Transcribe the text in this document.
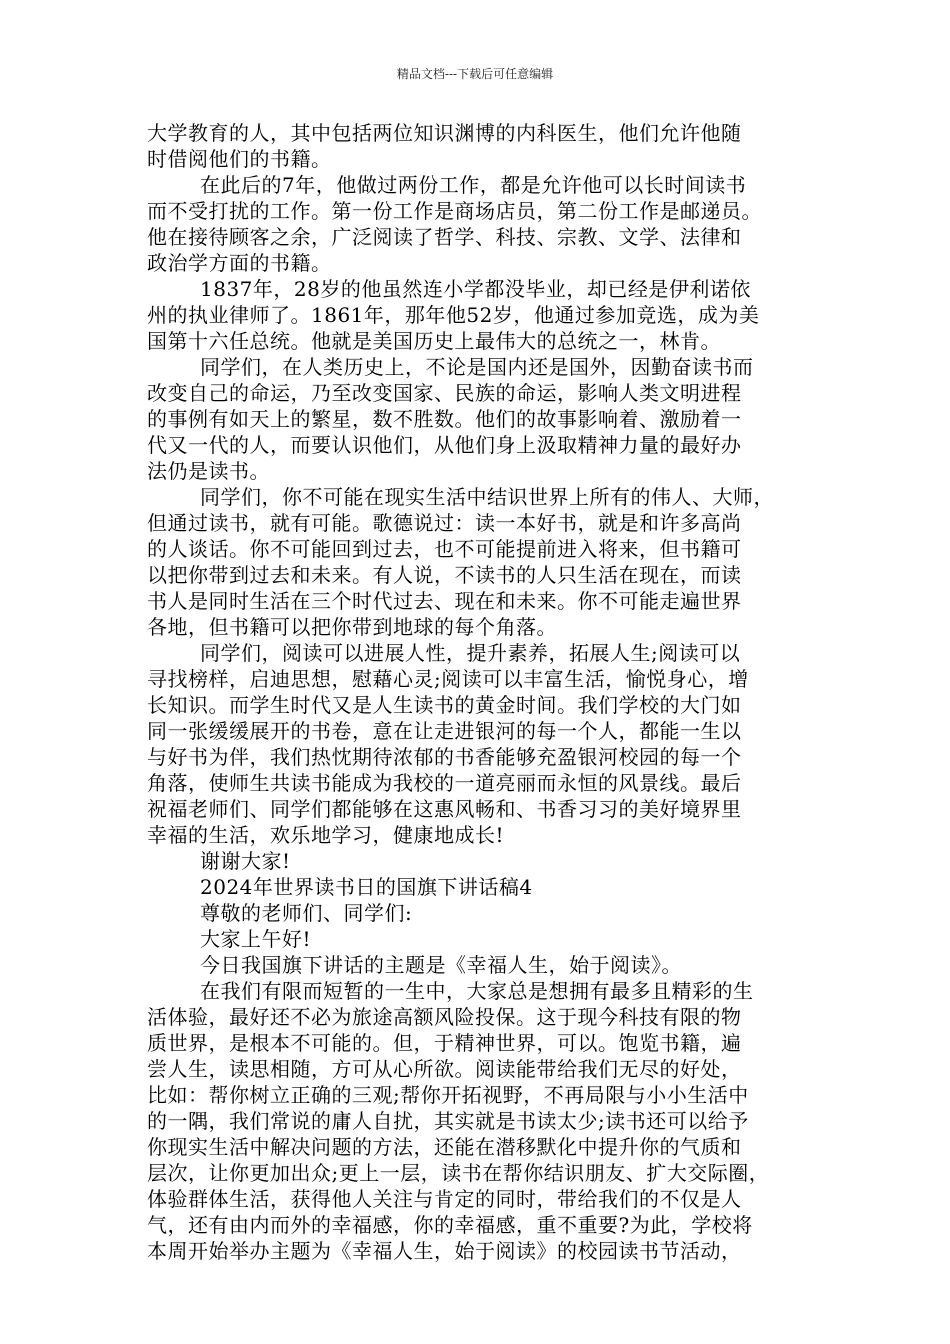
精品文档---下载后可任意编辑
大学教育的人，其中包括两位知识渊博的内科医生，他们允许他随
时借阅他们的书籍。
在此后的7年，他做过两份工作，都是允许他可以长时间读书
而不受打扰的工作。第一份工作是商场店员，第二份工作是邮递员。
他在接待顾客之余，广泛阅读了哲学、科技、宗教、文学、法律和
政治学方面的书籍。
1837年，28岁的他虽然连小学都没毕业，却已经是伊利诺依
州的执业律师了。1861年，那年他52岁，他通过参加竞选，成为美
国第十六任总统。他就是美国历史上最伟大的总统之一，林肯。
同学们，在人类历史上，不论是国内还是国外，因勤奋读书而
改变自己的命运，乃至改变国家、民族的命运，影响人类文明进程
的事例有如天上的繁星，数不胜数。他们的故事影响着、激励着一
代又一代的人，而要认识他们，从他们身上汲取精神力量的最好办
法仍是读书。
同学们，你不可能在现实生活中结识世界上所有的伟人、大师，
但通过读书，就有可能。歌德说过：读一本好书，就是和许多高尚
的人谈话。你不可能回到过去，也不可能提前进入将来，但书籍可
以把你带到过去和未来。有人说，不读书的人只生活在现在，而读
书人是同时生活在三个时代过去、现在和未来。你不可能走遍世界
各地，但书籍可以把你带到地球的每个角落。
同学们，阅读可以进展人性，提升素养，拓展人生;阅读可以
寻找榜样，启迪思想，慰藉心灵;阅读可以丰富生活，愉悦身心，增
长知识。而学生时代又是人生读书的黄金时间。我们学校的大门如
同一张缓缓展开的书卷，意在让走进银河的每一个人，都能一生以
与好书为伴，我们热忱期待浓郁的书香能够充盈银河校园的每一个
角落，使师生共读书能成为我校的一道亮丽而永恒的风景线。最后
祝福老师们、同学们都能够在这惠风畅和、书香习习的美好境界里
幸福的生活，欢乐地学习，健康地成长!
谢谢大家!
2024年世界读书日的国旗下讲话稿4
尊敬的老师们、同学们:
大家上午好!
今日我国旗下讲话的主题是《幸福人生，始于阅读》。
在我们有限而短暂的一生中，大家总是想拥有最多且精彩的生
活体验，最好还不必为旅途高额风险投保。这于现今科技有限的物
质世界，是根本不可能的。但，于精神世界，可以。饱览书籍，遍
尝人生，读思相随，方可从心所欲。阅读能带给我们无尽的好处，
比如：帮你树立正确的三观;帮你开拓视野，不再局限与小小生活中
的一隅，我们常说的庸人自扰，其实就是书读太少;读书还可以给予
你现实生活中解决问题的方法，还能在潜移默化中提升你的气质和
层次，让你更加出众;更上一层，读书在帮你结识朋友、扩大交际圈，
体验群体生活，获得他人关注与肯定的同时，带给我们的不仅是人
气，还有由内而外的幸福感，你的幸福感，重不重要?为此，学校将
本周开始举办主题为《幸福人生，始于阅读》的校园读书节活动，
